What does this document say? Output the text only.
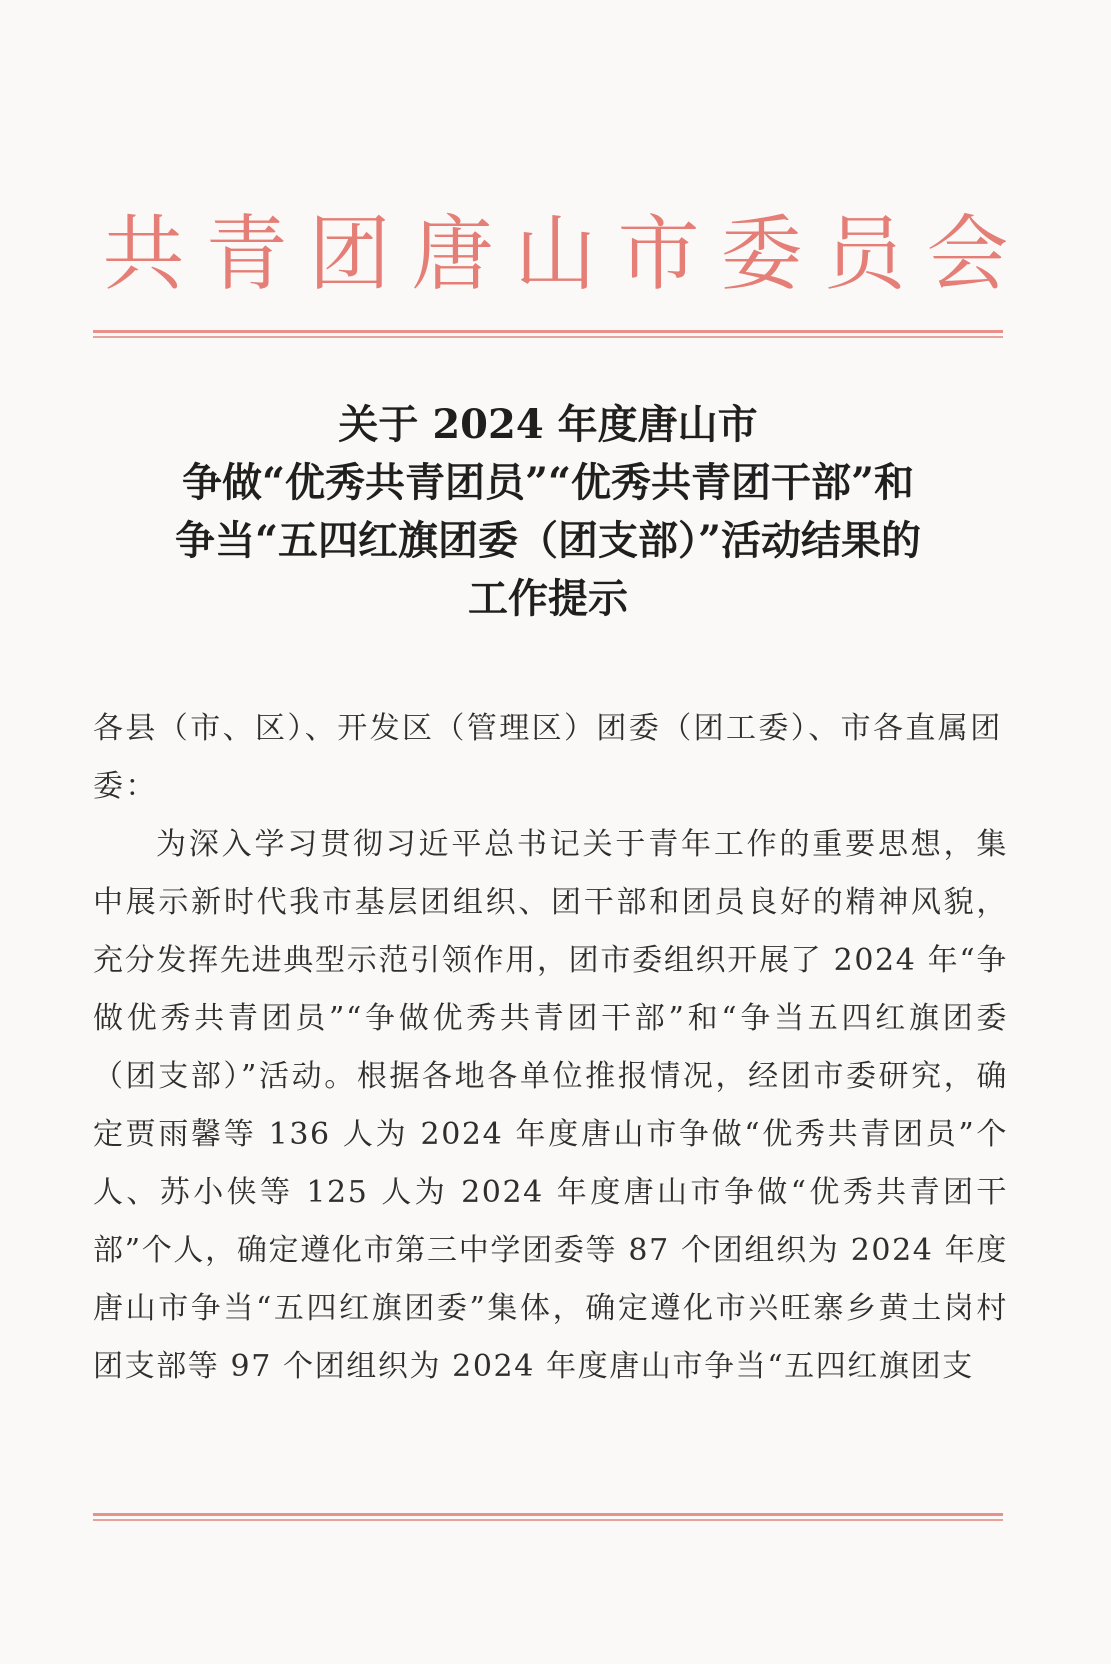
共青团唐山市委员会
关于 2024 年度唐山市
争做“优秀共青团员”“优秀共青团干部”和
争当“五四红旗团委（团支部）”活动结果的
工作提示

各县（市、区）、开发区（管理区）团委（团工委）、市各直属团委：

为深入学习贯彻习近平总书记关于青年工作的重要思想，集中展示新时代我市基层团组织、团干部和团员良好的精神风貌，充分发挥先进典型示范引领作用，团市委组织开展了 2024 年“争做优秀共青团员”“争做优秀共青团干部”和“争当五四红旗团委（团支部）”活动。根据各地各单位推报情况，经团市委研究，确定贾雨馨等 136 人为 2024 年度唐山市争做“优秀共青团员”个人、苏小侠等 125 人为 2024 年度唐山市争做“优秀共青团干部”个人，确定遵化市第三中学团委等 87 个团组织为 2024 年度唐山市争当“五四红旗团委”集体，确定遵化市兴旺寨乡黄土岗村团支部等 97 个团组织为 2024 年度唐山市争当“五四红旗团支
